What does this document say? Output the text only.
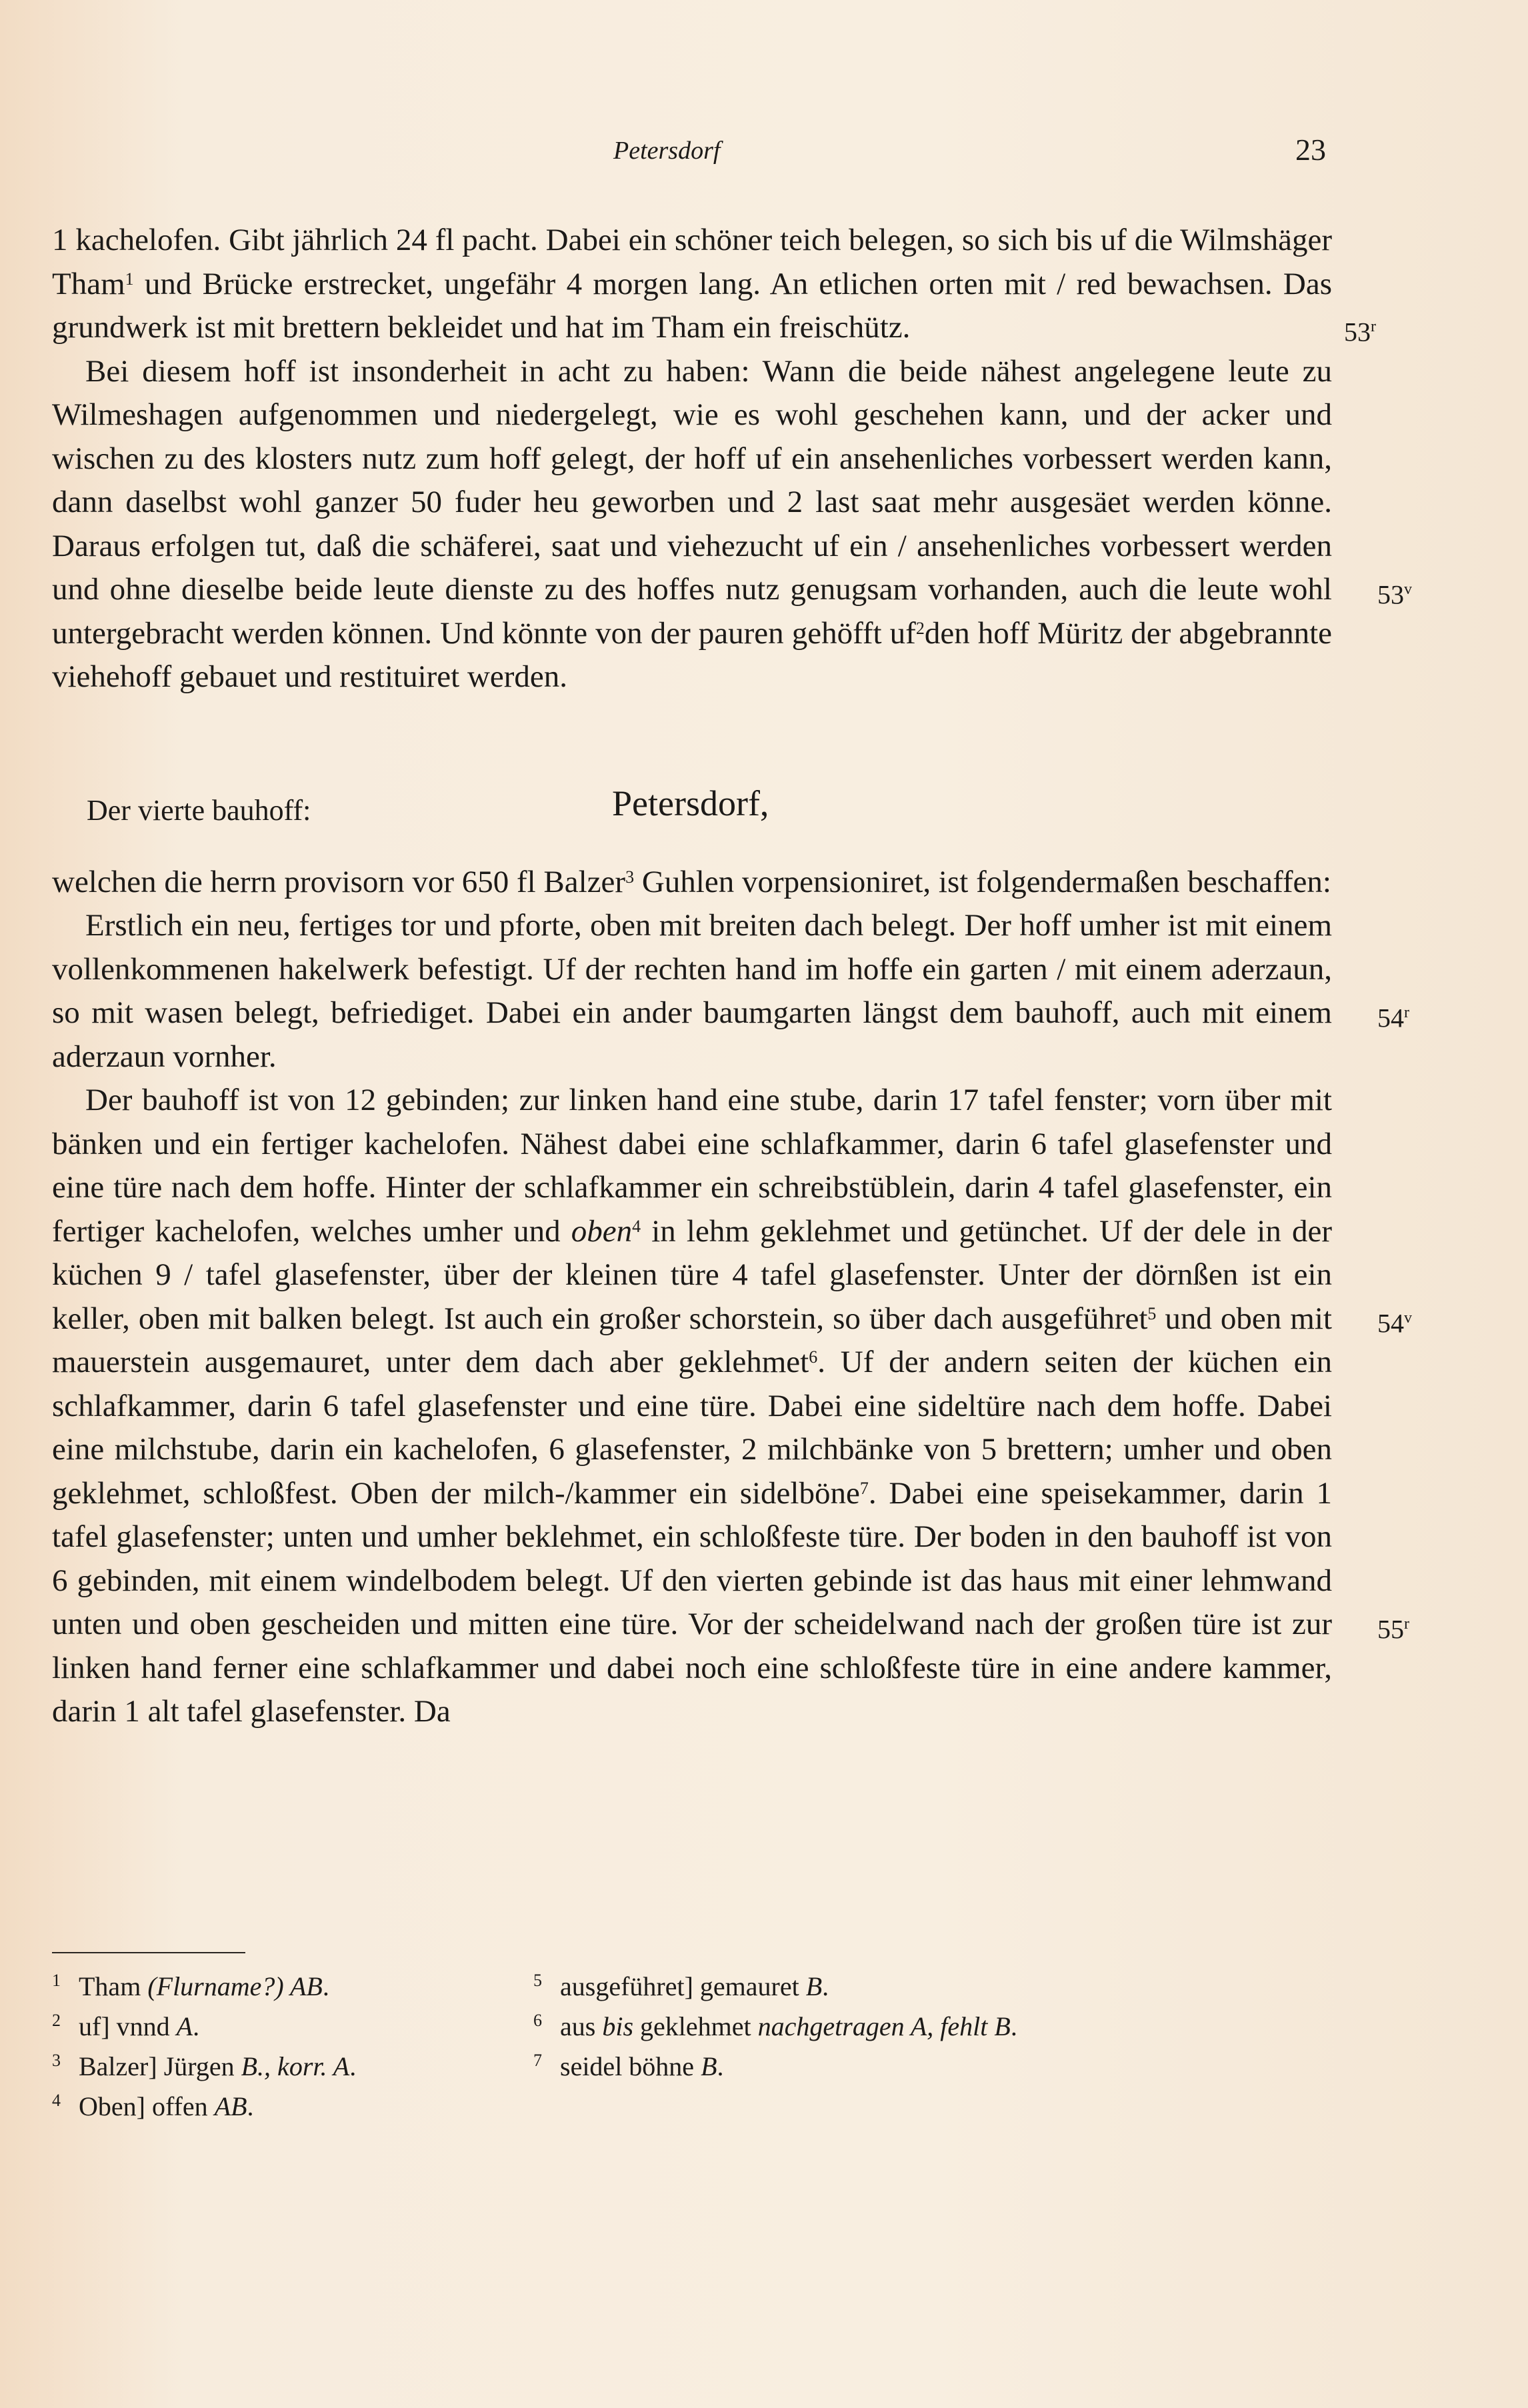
Petersdorf	23

53$^r$
1 kachelofen. Gibt jährlich 24 fl pacht. Dabei ein schöner teich belegen, so sich bis uf die Wilmshäger Tham$^1$ und Brücke erstrecket, ungefähr 4 morgen lang. An etlichen orten mit / red bewachsen. Das grundwerk ist mit brettern bekleidet und hat im Tham ein freischütz.

53$^v$
Bei diesem hoff ist insonderheit in acht zu haben: Wann die beide nähest angelegene leute zu Wilmeshagen aufgenommen und niedergelegt, wie es wohl geschehen kann, und der acker und wischen zu des klosters nutz zum hoff gelegt, der hoff uf ein ansehenliches vorbessert werden kann, dann daselbst wohl ganzer 50 fuder heu geworben und 2 last saat mehr ausgesäet werden könne. Daraus erfolgen tut, daß die schäferei, saat und viehezucht uf ein / ansehenliches vorbessert werden und ohne dieselbe beide leute dienste zu des hoffes nutz genugsam vorhanden, auch die leute wohl untergebracht werden können. Und könnte von der pauren gehöfft uf$^2$den hoff Müritz der abgebrannte viehehoff gebauet und restituiret werden.

Der vierte bauhoff:	Petersdorf,

welchen die herrn provisorn vor 650 fl Balzer$^3$ Guhlen vorpensioniret, ist folgendermaßen beschaffen:

54$^r$
Erstlich ein neu, fertiges tor und pforte, oben mit breiten dach belegt. Der hoff umher ist mit einem vollenkommenen hakelwerk befestigt. Uf der rechten hand im hoffe ein garten / mit einem aderzaun, so mit wasen belegt, befriediget. Dabei ein ander baumgarten längst dem bauhoff, auch mit einem aderzaun vornher.

54$^v$
55$^r$
Der bauhoff ist von 12 gebinden; zur linken hand eine stube, darin 17 tafel fenster; vorn über mit bänken und ein fertiger kachelofen. Nähest dabei eine schlafkammer, darin 6 tafel glasefenster und eine türe nach dem hoffe. Hinter der schlafkammer ein schreibstüblein, darin 4 tafel glasefenster, ein fertiger kachelofen, welches umher und oben$^4$ in lehm geklehmet und getünchet. Uf der dele in der küchen 9 / tafel glasefenster, über der kleinen türe 4 tafel glasefenster. Unter der dörnßen ist ein keller, oben mit balken belegt. Ist auch ein großer schorstein, so über dach ausgeführet$^5$ und oben mit mauerstein ausgemauret, unter dem dach aber geklehmet$^6$. Uf der andern seiten der küchen ein schlafkammer, darin 6 tafel glasefenster und eine türe. Dabei eine sideltüre nach dem hoffe. Dabei eine milchstube, darin ein kachelofen, 6 glasefenster, 2 milchbänke von 5 brettern; umher und oben geklehmet, schloßfest. Oben der milch-/kammer ein sidelböne$^7$. Dabei eine speisekammer, darin 1 tafel glasefenster; unten und umher beklehmet, ein schloßfeste türe. Der boden in den bauhoff ist von 6 gebinden, mit einem windelbodem belegt. Uf den vierten gebinde ist das haus mit einer lehmwand unten und oben gescheiden und mitten eine türe. Vor der scheidelwand nach der großen türe ist zur linken hand ferner eine schlafkammer und dabei noch eine schloßfeste türe in eine andere kammer, darin 1 alt tafel glasefenster. Da

1 Tham (Flurname?) AB.
2 uf] vnnd A.
3 Balzer] Jürgen B., korr. A.
4 Oben] offen AB.
5 ausgeführet] gemauret B.
6 aus bis geklehmet nachgetragen A, fehlt B.
7 seidel böhne B.
